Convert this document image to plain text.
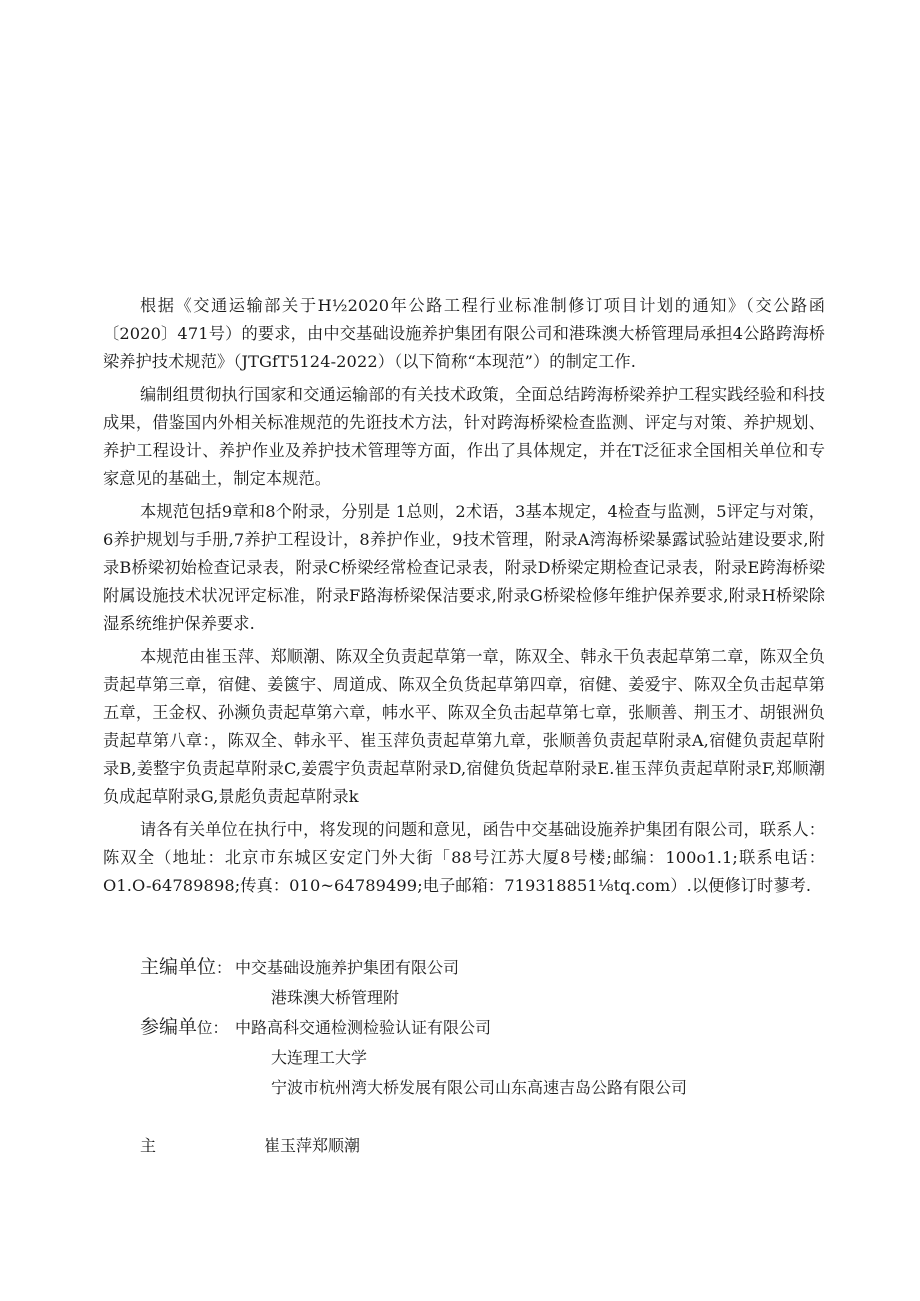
根据《交通运输部关于H½2020年公路工程行业标准制修订项目计划的通知》（交公路函〔2020〕471号）的要求，由中交基础设施养护集团有限公司和港珠澳大桥管理局承担4公路跨海桥梁养护技术规范》（JTGfT5124-2022）（以下简称“本现范”）的制定工作.

编制组贯彻执行国家和交通运输部的有关技术政策，全面总结跨海桥梁养护工程实践经验和科技成果，借鉴国内外相关标准规范的先诳技术方法，针对跨海桥梁检查监测、评定与对策、养护规划、养护工程设计、养护作业及养护技术管理等方面，作出了具体规定，并在T泛征求全国相关单位和专家意见的基础土，制定本规范。

本规范包括9章和8个附录，分别是 1总则，2术语，3基本规定，4检查与监测，5评定与对策，6养护规划与手册,7养护工程设计，8养护作业，9技术管理，附录A湾海桥梁暴露试验站建设要求,附录B桥梁初始检查记录表，附录C桥梁经常检查记录表，附录D桥梁定期检查记录表，附录E跨海桥梁附属设施技术状况评定标准，附录F路海桥梁保洁要求,附录G桥梁检修年维护保养要求,附录H桥梁除湿系统维护保养要求.

本规范由崔玉萍、郑顺潮、陈双全负责起草第一章，陈双全、韩永干负表起草第二章，陈双全负责起草第三章，宿健、姜篋宇、周道成、陈双全负货起草第四章，宿健、姜爱宇、陈双全负击起草第五章，王金权、孙濒负责起草第六章，帏水平、陈双全负击起草第七章，张顺善、荆玉才、胡银洲负责起草第八章：，陈双全、韩永平、崔玉萍负责起草第九章，张顺善负责起草附录A,宿健负责起草附录B,姜整宇负责起草附录C,姜震宇负责起草附录D,宿健负货起草附录E.崔玉萍负责起草附录F,郑顺潮负成起草附录G,景彪负责起草附录k

请各有关单位在执行中，将发现的问题和意见，函告中交基础设施养护集团有限公司，联系人：陈双全（地址：北京市东城区安定门外大街「88号江苏大厦8号楼;邮编：100o1.1;联系电话：O1.O-64789898;传真：010~64789499;电子邮箱：719318851⅛tq.com）.以便修订时蓼考.

主编单位： 中交基础设施养护集团有限公司
港珠澳大桥管理附
参编单位： 中路高科交通检测检验认证有限公司
大连理工大学
宁波市杭州湾大桥发展有限公司山东高速吉岛公路有限公司
主	崔玉萍郑顺潮
